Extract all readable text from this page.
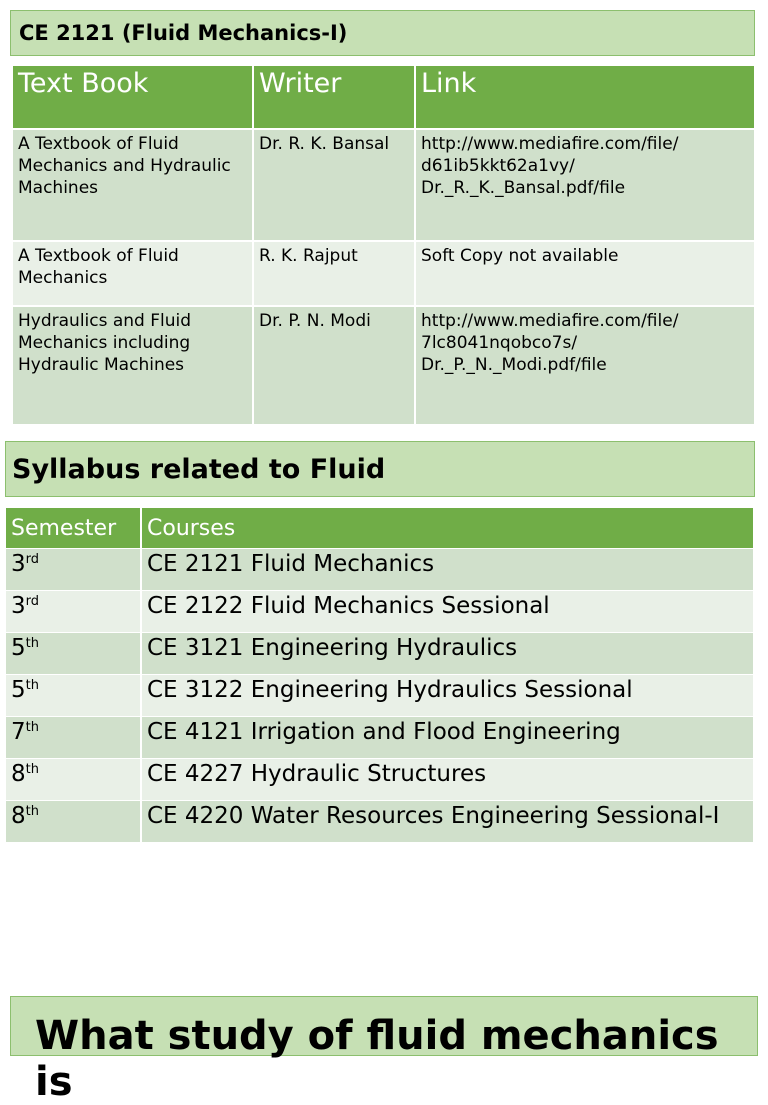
CE 2121 (Fluid Mechanics-I)
Text Book	Writer	Link
A Textbook of Fluid Mechanics and Hydraulic Machines	Dr. R. K. Bansal	http://www.mediafire.com/file/
d61ib5kkt62a1vy/
Dr._R._K._Bansal.pdf/file

A Textbook of Fluid Mechanics	R. K. Rajput	Soft Copy not available

Hydraulics and Fluid Mechanics including Hydraulic Machines	Dr. P. N. Modi	http://www.mediafire.com/file/
7lc8041nqobco7s/
Dr._P._N._Modi.pdf/file
Syllabus related to Fluid
Semester	Courses
3rd	CE 2121 Fluid Mechanics
3rd	CE 2122 Fluid Mechanics Sessional
5th	CE 3121 Engineering Hydraulics
5th	CE 3122 Engineering Hydraulics Sessional
7th	CE 4121 Irrigation and Flood Engineering
8th	CE 4227 Hydraulic Structures
8th	CE 4220 Water Resources Engineering Sessional-I
What study of fluid mechanics is
